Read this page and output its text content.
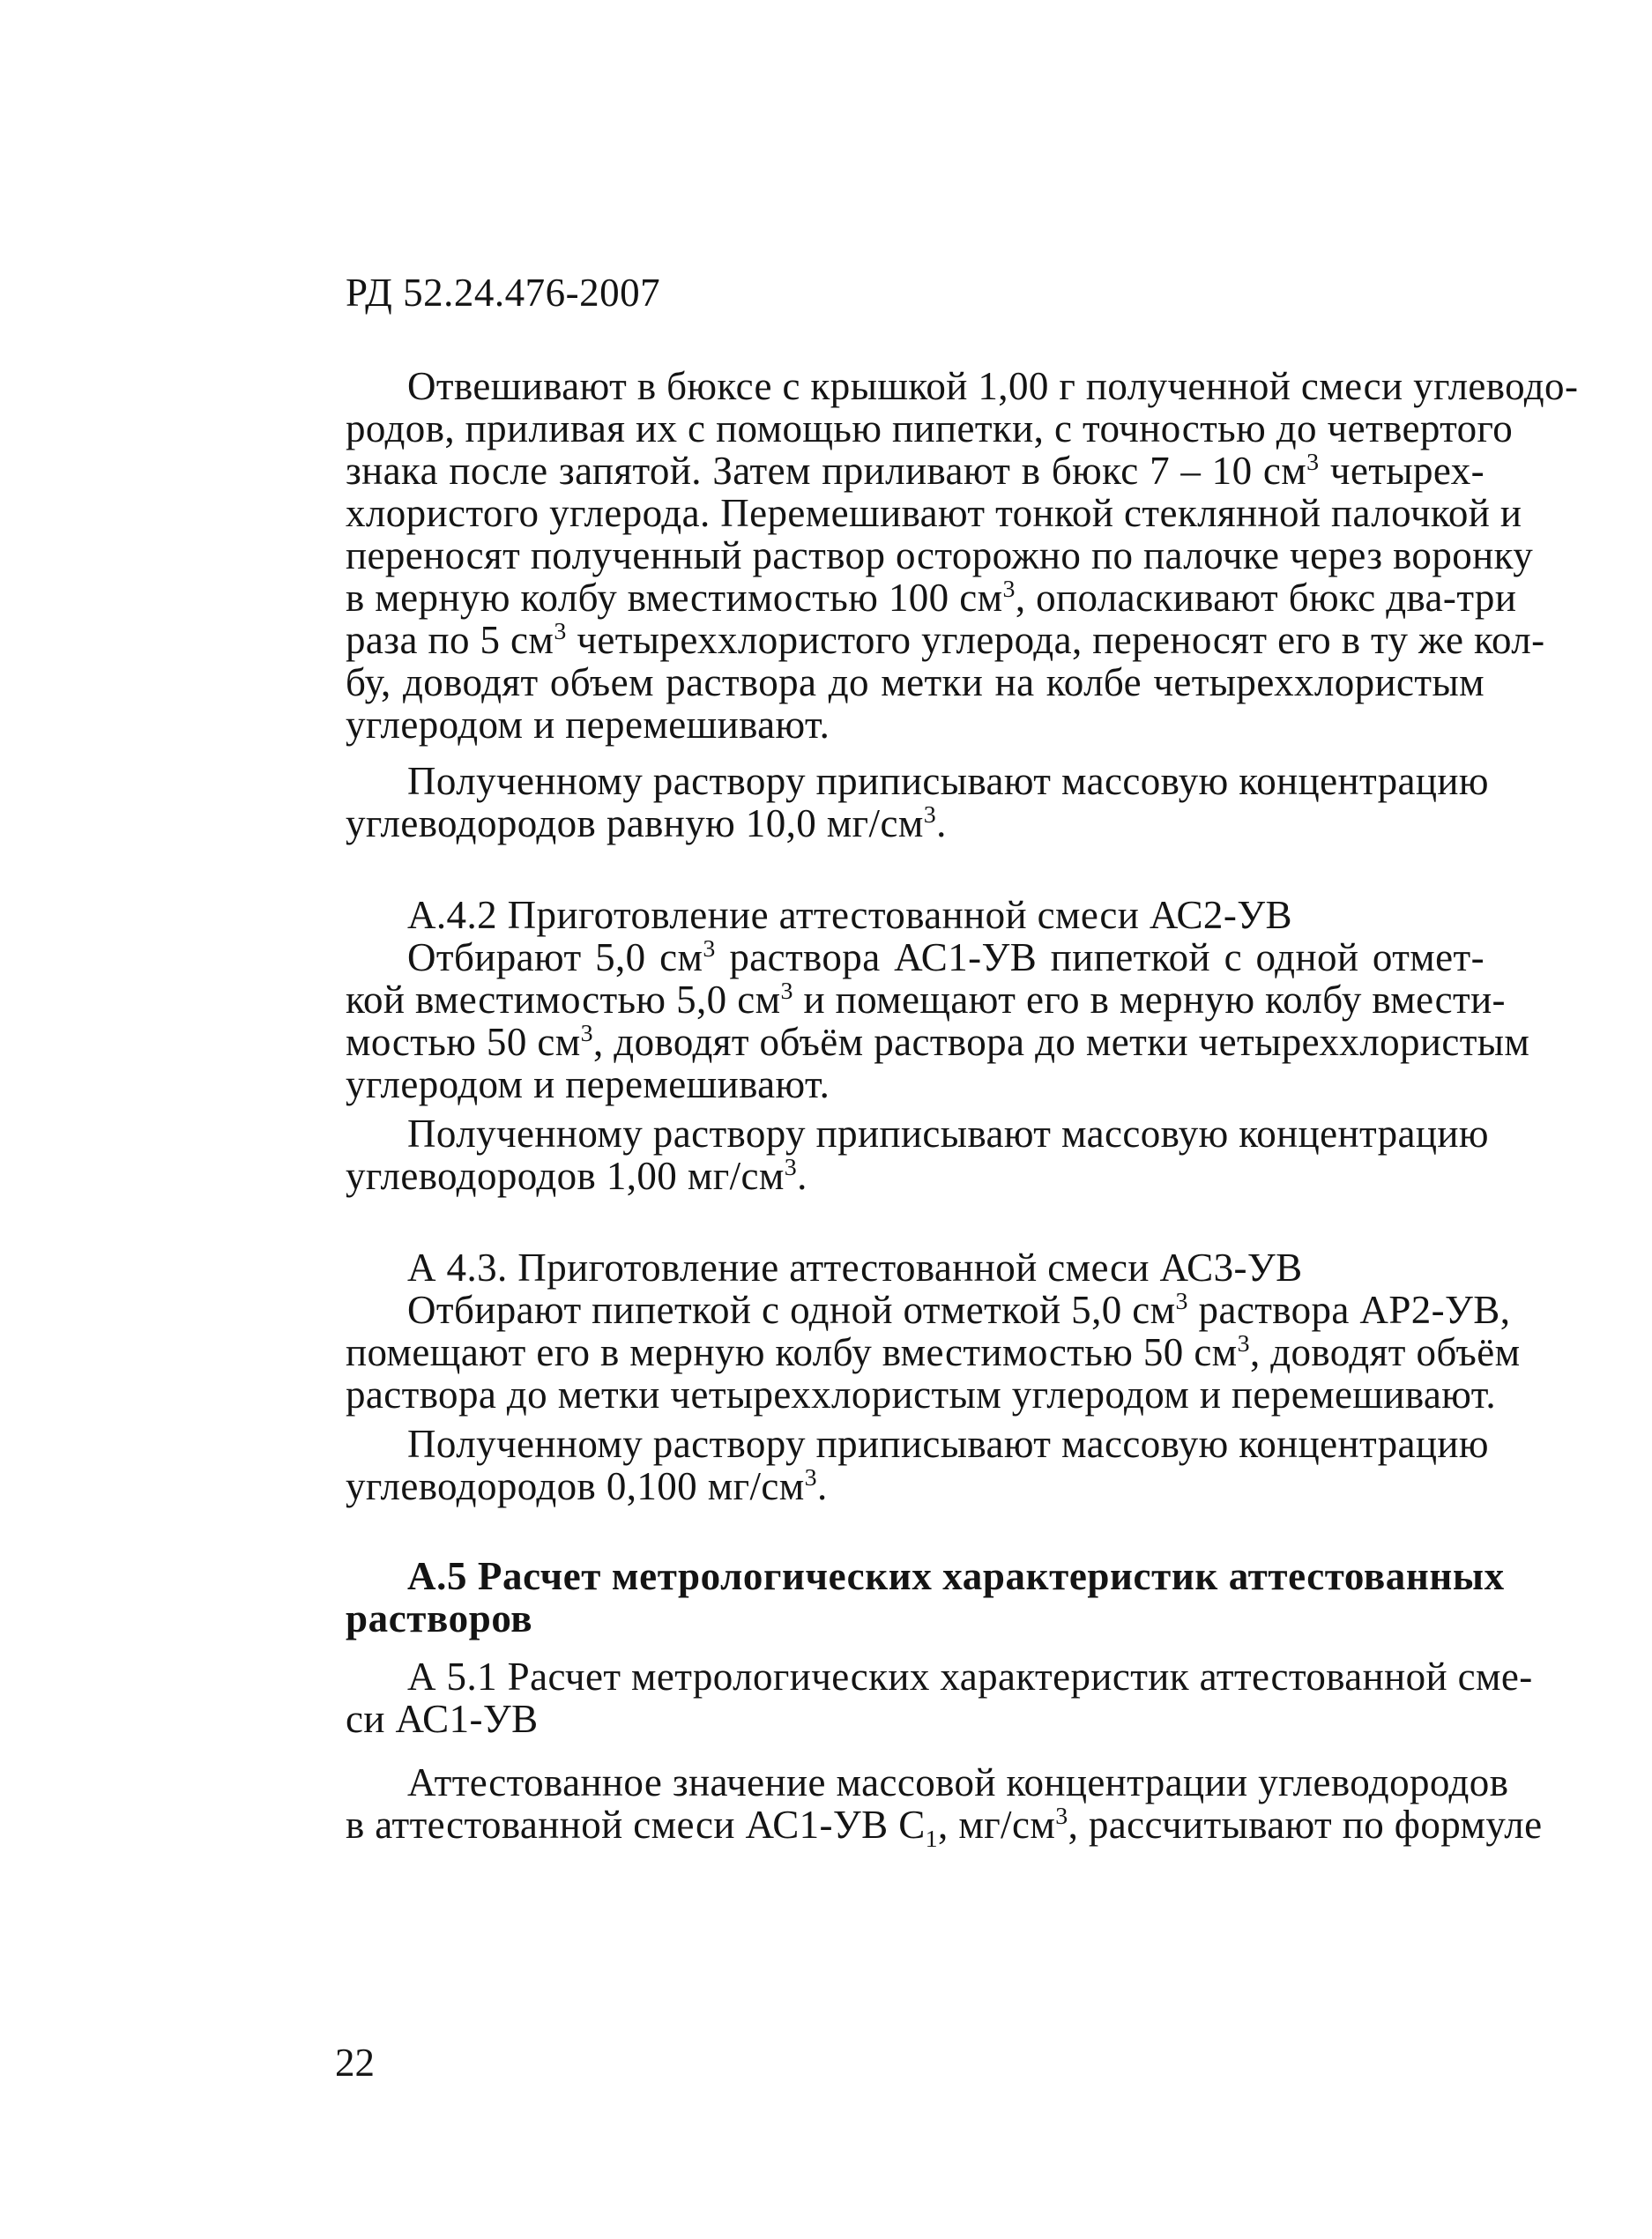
РД 52.24.476-2007
Отвешивают в бюксе с крышкой 1,00 г полученной смеси углеводо-
родов, приливая их с помощью пипетки, с точностью до четвертого
знака после запятой. Затем приливают в бюкс 7 – 10 $см^3$ четырех-
хлористого углерода. Перемешивают тонкой стеклянной палочкой и
переносят полученный раствор осторожно по палочке через воронку
в мерную колбу вместимостью 100 $см^3$, ополаскивают бюкс два-три
раза по 5 $см^3$ четыреххлористого углерода, переносят его в ту же кол-
бу, доводят объем раствора до метки на колбе четыреххлористым
углеродом и перемешивают.
Полученному раствору приписывают массовую концентрацию
углеводородов равную 10,0 $мг/см^3$.
А.4.2 Приготовление аттестованной смеси АС2-УВ
Отбирают 5,0 $см^3$ раствора АС1-УВ пипеткой с одной отмет-
кой вместимостью 5,0 $см^3$ и помещают его в мерную колбу вмести-
мостью 50 $см^3$, доводят объём раствора до метки четыреххлористым
углеродом и перемешивают.
Полученному раствору приписывают массовую концентрацию
углеводородов 1,00 $мг/см^3$.
А 4.3. Приготовление аттестованной смеси АС3-УВ
Отбирают пипеткой с одной отметкой 5,0 $см^3$ раствора АР2-УВ,
помещают его в мерную колбу вместимостью 50 $см^3$, доводят объём
раствора до метки четыреххлористым углеродом и перемешивают.
Полученному раствору приписывают массовую концентрацию
углеводородов 0,100 $мг/см^3$.
А.5 Расчет метрологических характеристик аттестованных
растворов
А 5.1 Расчет метрологических характеристик аттестованной сме-
си АС1-УВ
Аттестованное значение массовой концентрации углеводородов
в аттестованной смеси АС1-УВ $С_1$, $мг/см^3$, рассчитывают по формуле
22
